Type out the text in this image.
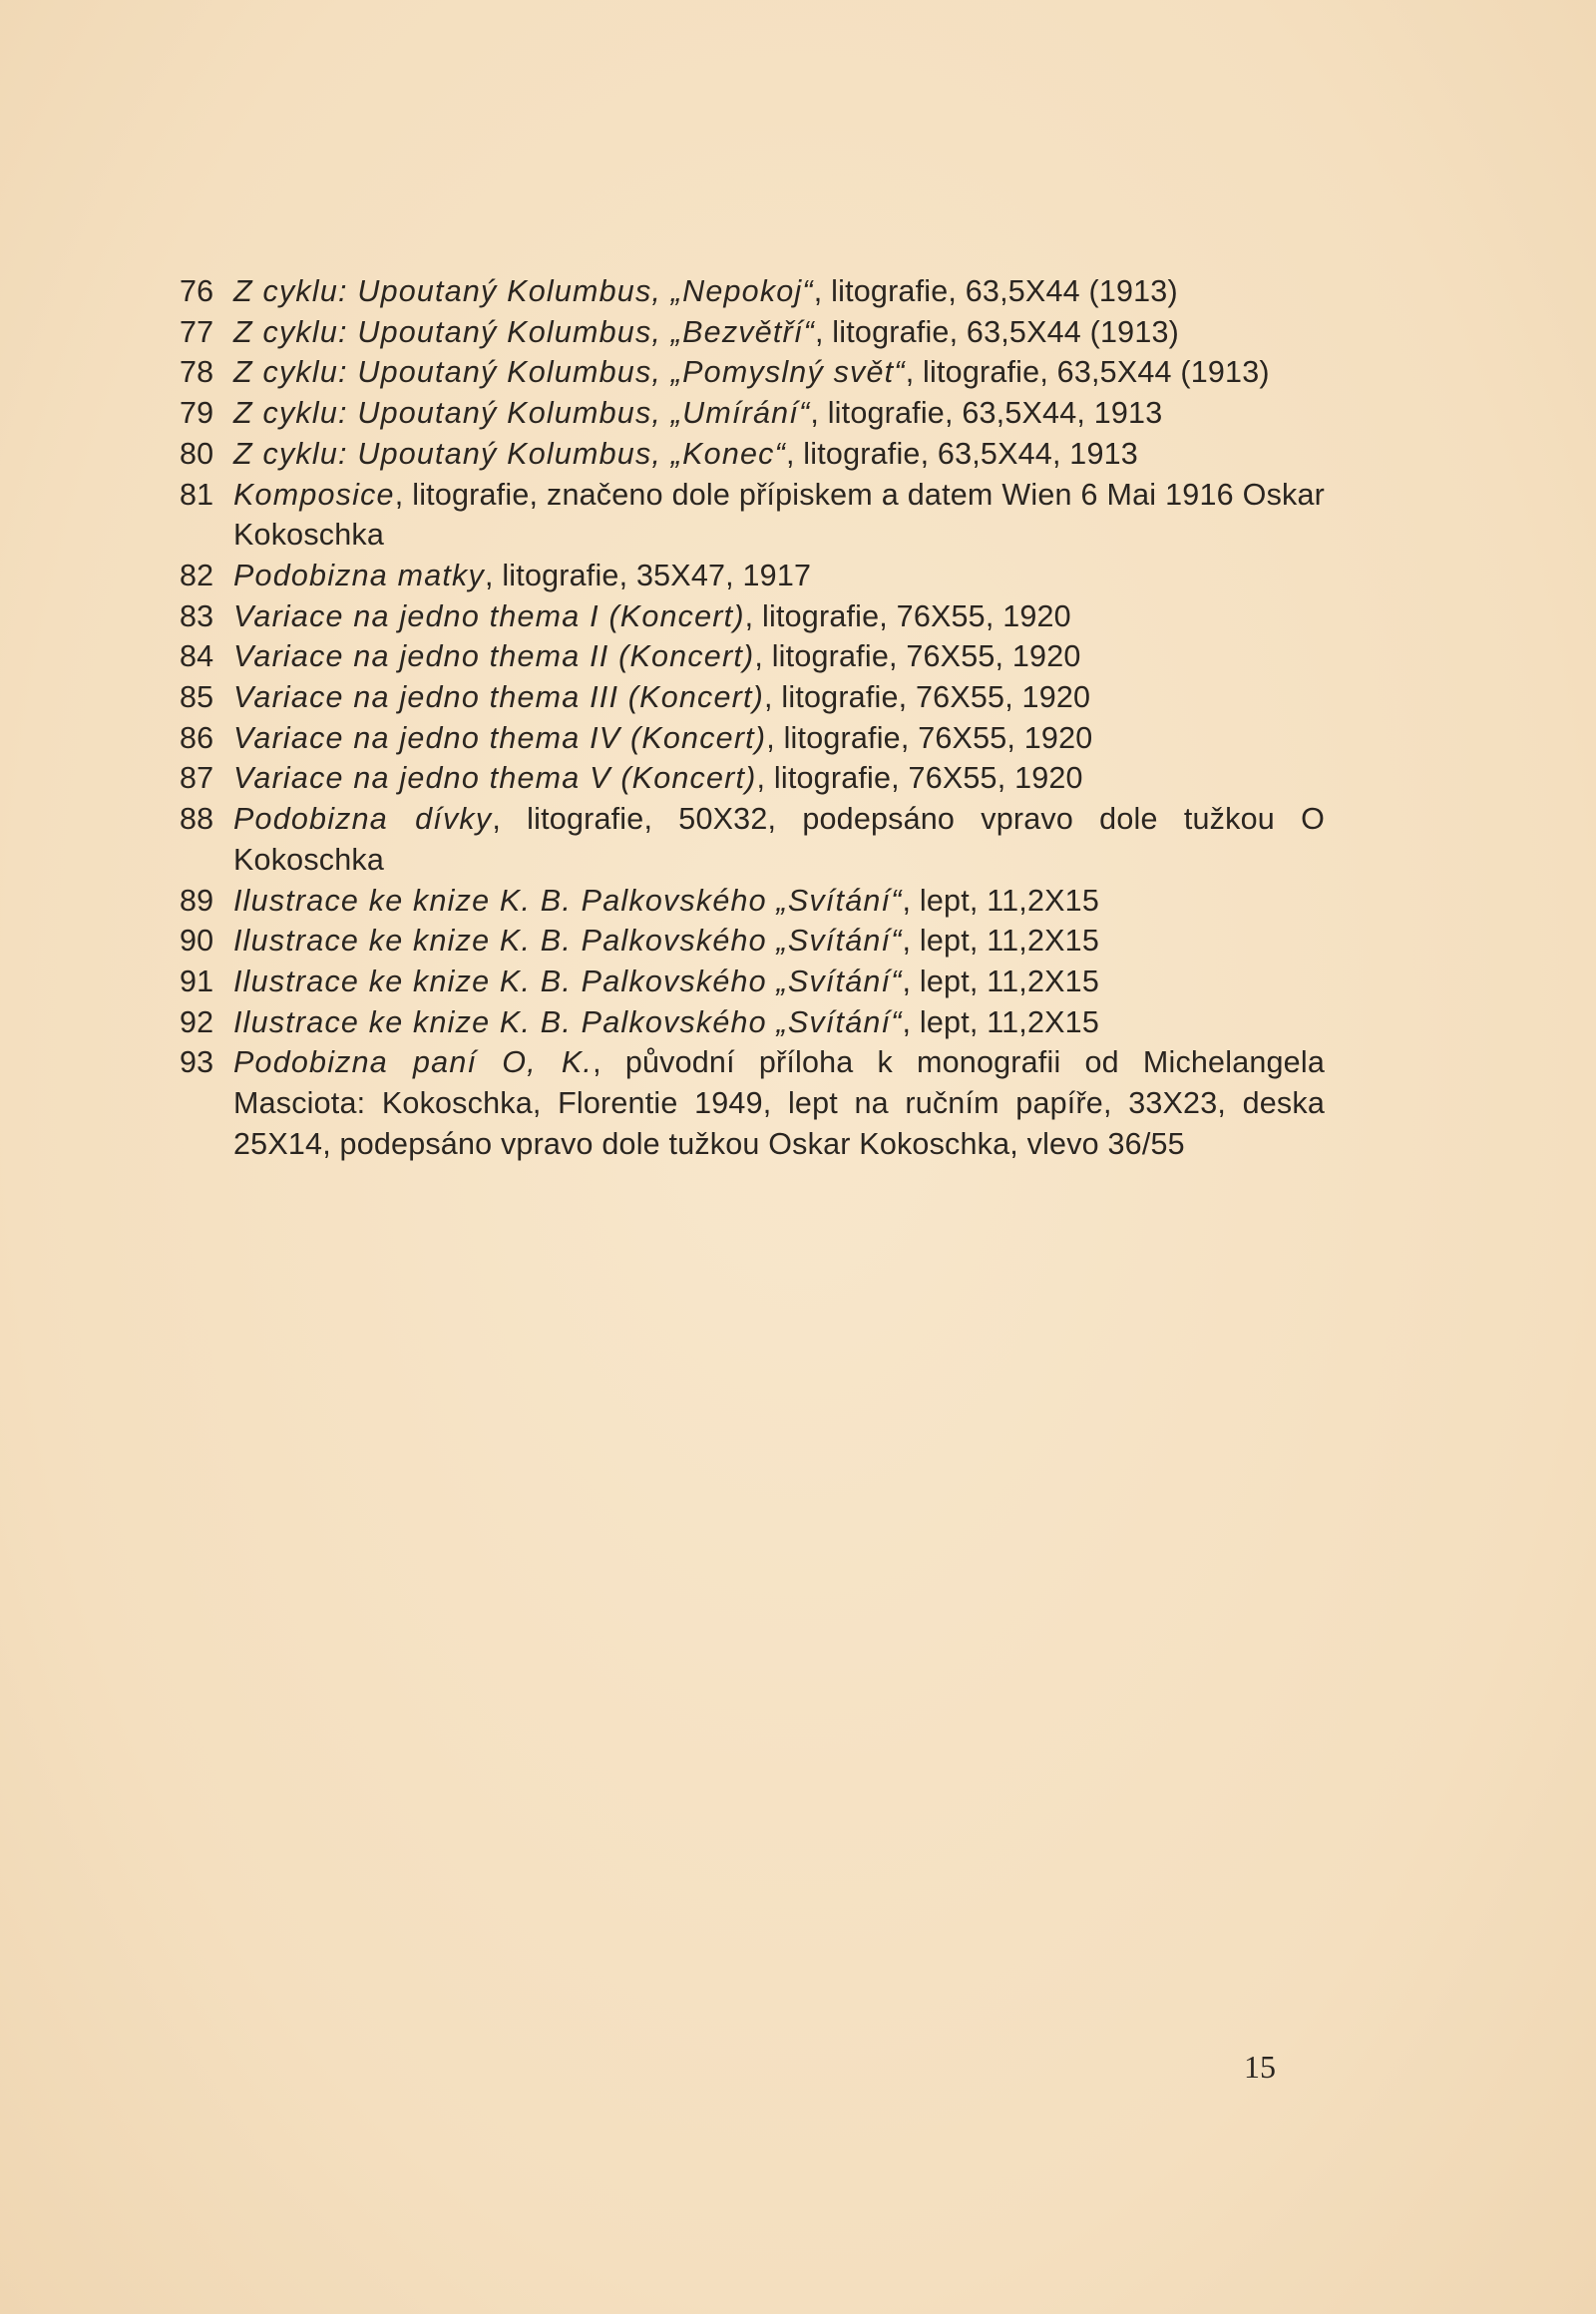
76 Z cyklu: Upoutaný Kolumbus, „Nepokoj“, litografie, 63,5X44 (1913)
77 Z cyklu: Upoutaný Kolumbus, „Bezvětří“, litografie, 63,5X44 (1913)
78 Z cyklu: Upoutaný Kolumbus, „Pomyslný svět“, litografie, 63,5X44 (1913)
79 Z cyklu: Upoutaný Kolumbus, „Umírání“, litografie, 63,5X44, 1913
80 Z cyklu: Upoutaný Kolumbus, „Konec“, litografie, 63,5X44, 1913
81 Komposice, litografie, značeno dole přípiskem a datem Wien 6 Mai 1916 Oskar Kokoschka
82 Podobizna matky, litografie, 35X47, 1917
83 Variace na jedno thema I (Koncert), litografie, 76X55, 1920
84 Variace na jedno thema II (Koncert), litografie, 76X55, 1920
85 Variace na jedno thema III (Koncert), litografie, 76X55, 1920
86 Variace na jedno thema IV (Koncert), litografie, 76X55, 1920
87 Variace na jedno thema V (Koncert), litografie, 76X55, 1920
88 Podobizna dívky, litografie, 50X32, podepsáno vpravo dole tužkou O Kokoschka
89 Ilustrace ke knize K. B. Palkovského „Svítání“, lept, 11,2X15
90 Ilustrace ke knize K. B. Palkovského „Svítání“, lept, 11,2X15
91 Ilustrace ke knize K. B. Palkovského „Svítání“, lept, 11,2X15
92 Ilustrace ke knize K. B. Palkovského „Svítání“, lept, 11,2X15
93 Podobizna paní O, K., původní příloha k monografii od Michelangela Masciota: Kokoschka, Florentie 1949, lept na ručním papíře, 33X23, deska 25X14, podepsáno vpravo dole tužkou Oskar Kokoschka, vlevo 36/55
15
